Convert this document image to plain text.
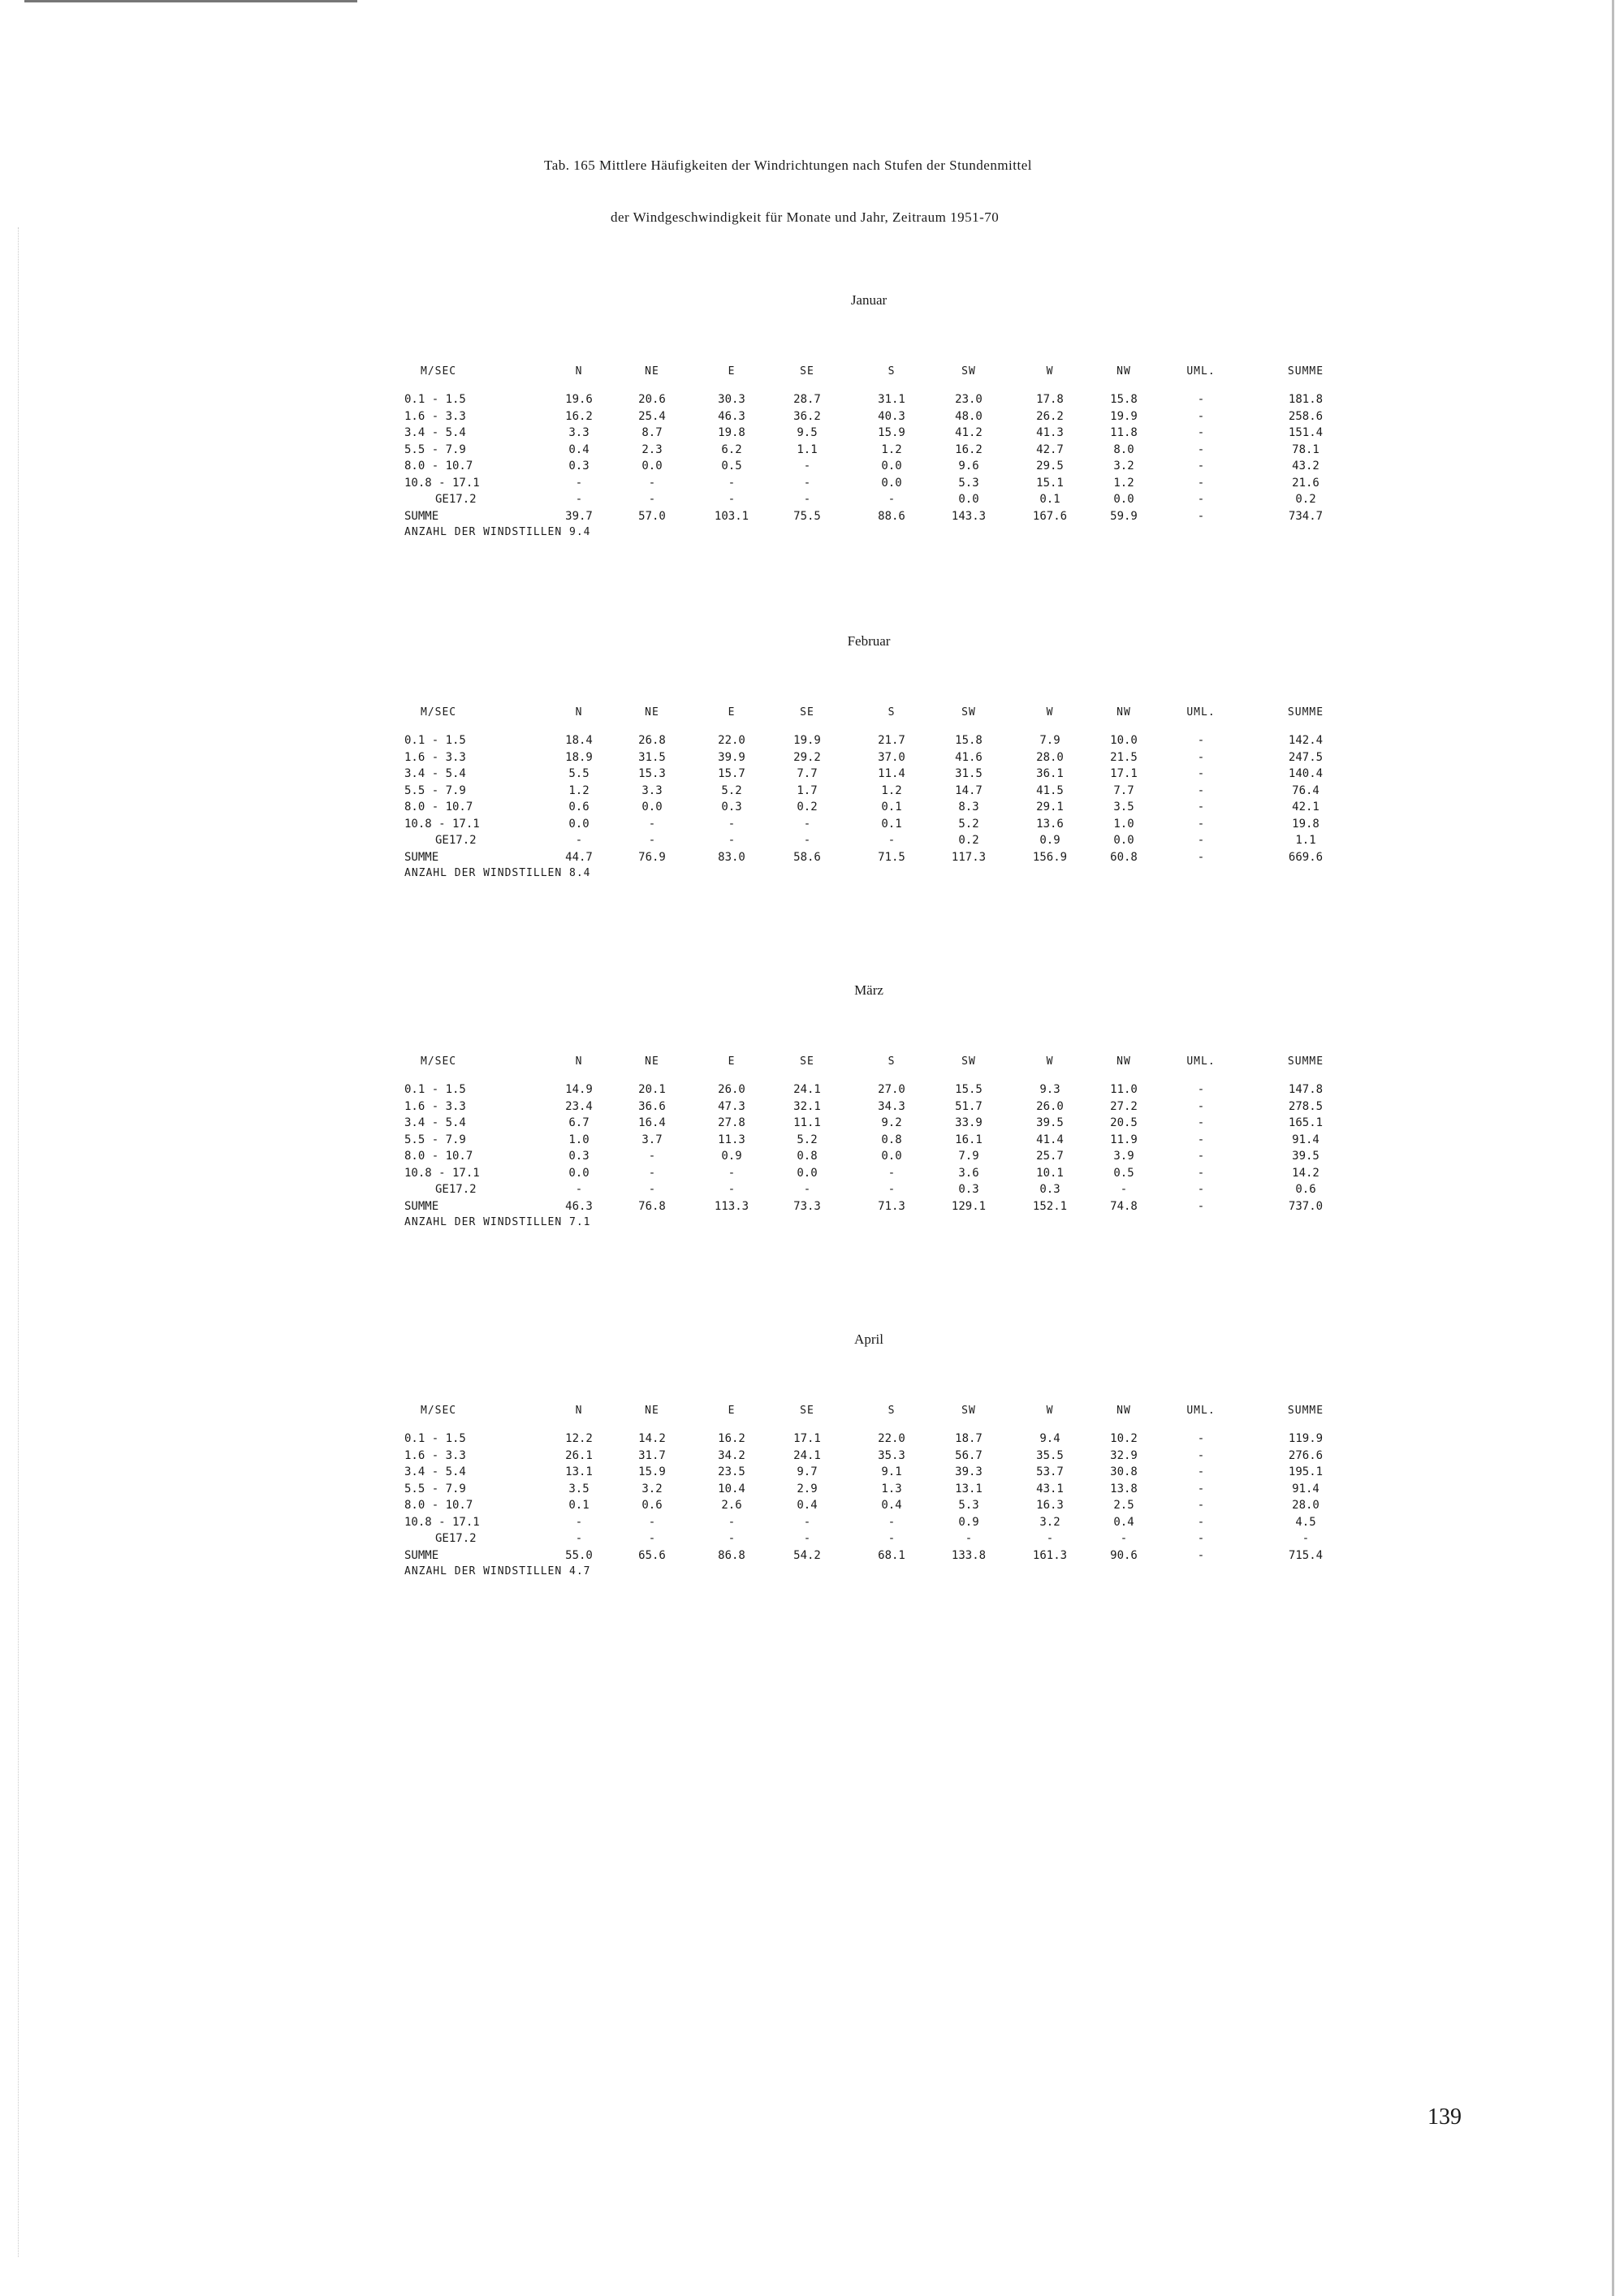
Tab. 165 Mittlere Häufigkeiten der Windrichtungen nach Stufen der Stundenmittel
der Windgeschwindigkeit für Monate und Jahr, Zeitraum 1951-70
Januar
M/SEC	N	NE	E	SE	S	SW	W	NW	UML.	SUMME
0.1 - 1.5	19.6	20.6	30.3	28.7	31.1	23.0	17.8	15.8	-	181.8
1.6 - 3.3	16.2	25.4	46.3	36.2	40.3	48.0	26.2	19.9	-	258.6
3.4 - 5.4	3.3	8.7	19.8	9.5	15.9	41.2	41.3	11.8	-	151.4
5.5 - 7.9	0.4	2.3	6.2	1.1	1.2	16.2	42.7	8.0	-	78.1
8.0 - 10.7	0.3	0.0	0.5	-	0.0	9.6	29.5	3.2	-	43.2
10.8 - 17.1	-	-	-	-	0.0	5.3	15.1	1.2	-	21.6
GE17.2	-	-	-	-	-	0.0	0.1	0.0	-	0.2
SUMME	39.7	57.0	103.1	75.5	88.6	143.3	167.6	59.9	-	734.7
ANZAHL DER WINDSTILLEN 9.4
Februar
M/SEC	N	NE	E	SE	S	SW	W	NW	UML.	SUMME
0.1 - 1.5	18.4	26.8	22.0	19.9	21.7	15.8	7.9	10.0	-	142.4
1.6 - 3.3	18.9	31.5	39.9	29.2	37.0	41.6	28.0	21.5	-	247.5
3.4 - 5.4	5.5	15.3	15.7	7.7	11.4	31.5	36.1	17.1	-	140.4
5.5 - 7.9	1.2	3.3	5.2	1.7	1.2	14.7	41.5	7.7	-	76.4
8.0 - 10.7	0.6	0.0	0.3	0.2	0.1	8.3	29.1	3.5	-	42.1
10.8 - 17.1	0.0	-	-	-	0.1	5.2	13.6	1.0	-	19.8
GE17.2	-	-	-	-	-	0.2	0.9	0.0	-	1.1
SUMME	44.7	76.9	83.0	58.6	71.5	117.3	156.9	60.8	-	669.6
ANZAHL DER WINDSTILLEN 8.4
März
M/SEC	N	NE	E	SE	S	SW	W	NW	UML.	SUMME
0.1 - 1.5	14.9	20.1	26.0	24.1	27.0	15.5	9.3	11.0	-	147.8
1.6 - 3.3	23.4	36.6	47.3	32.1	34.3	51.7	26.0	27.2	-	278.5
3.4 - 5.4	6.7	16.4	27.8	11.1	9.2	33.9	39.5	20.5	-	165.1
5.5 - 7.9	1.0	3.7	11.3	5.2	0.8	16.1	41.4	11.9	-	91.4
8.0 - 10.7	0.3	-	0.9	0.8	0.0	7.9	25.7	3.9	-	39.5
10.8 - 17.1	0.0	-	-	0.0	-	3.6	10.1	0.5	-	14.2
GE17.2	-	-	-	-	-	0.3	0.3	-	-	0.6
SUMME	46.3	76.8	113.3	73.3	71.3	129.1	152.1	74.8	-	737.0
ANZAHL DER WINDSTILLEN 7.1
April
M/SEC	N	NE	E	SE	S	SW	W	NW	UML.	SUMME
0.1 - 1.5	12.2	14.2	16.2	17.1	22.0	18.7	9.4	10.2	-	119.9
1.6 - 3.3	26.1	31.7	34.2	24.1	35.3	56.7	35.5	32.9	-	276.6
3.4 - 5.4	13.1	15.9	23.5	9.7	9.1	39.3	53.7	30.8	-	195.1
5.5 - 7.9	3.5	3.2	10.4	2.9	1.3	13.1	43.1	13.8	-	91.4
8.0 - 10.7	0.1	0.6	2.6	0.4	0.4	5.3	16.3	2.5	-	28.0
10.8 - 17.1	-	-	-	-	-	0.9	3.2	0.4	-	4.5
GE17.2	-	-	-	-	-	-	-	-	-	-
SUMME	55.0	65.6	86.8	54.2	68.1	133.8	161.3	90.6	-	715.4
ANZAHL DER WINDSTILLEN 4.7
139
